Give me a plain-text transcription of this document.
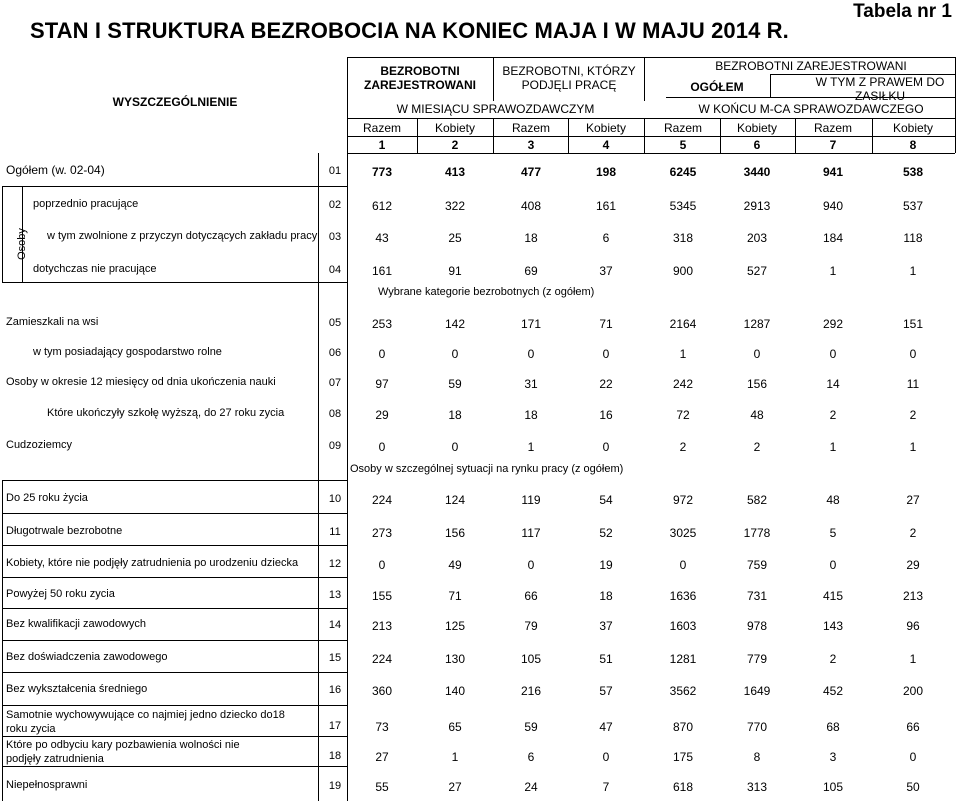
STAN I STRUKTURA BEZROBOCIA NA KONIEC MAJA I W MAJU 2014 R.
Tabela nr 1
WYSZCZEGÓLNIENIE
BEZROBOTNI ZAREJESTROWANI
BEZROBOTNI, KTÓRZY PODJĘLI PRACĘ
W MIESIĄCU SPRAWOZDAWCZYM
BEZROBOTNI ZAREJESTROWANI
OGÓŁEM	W TYM Z PRAWEM DO ZASIŁKU
W KOŃCU M-CA SPRAWOZDAWCZEGO
Razem	Kobiety	Razem	Kobiety	Razem	Kobiety	Razem	Kobiety
1	2	3	4	5	6	7	8
Osoby
Wybrane kategorie bezrobotnych (z ogółem)
Osoby w szczególnej sytuacji na rynku pracy (z ogółem)
Ogółem (w. 02-04)	01	773	413	477	198	6245	3440	941	538
poprzednio pracujące	02	612	322	408	161	5345	2913	940	537
w tym zwolnione z przyczyn dotyczących zakładu pracy	03	43	25	18	6	318	203	184	118
dotychczas nie pracujące	04	161	91	69	37	900	527	1	1
Zamieszkali na wsi	05	253	142	171	71	2164	1287	292	151
w tym posiadający gospodarstwo rolne	06	0	0	0	0	1	0	0	0
Osoby w okresie 12 miesięcy od dnia ukończenia nauki	07	97	59	31	22	242	156	14	11
Które ukończyły szkołę wyższą, do 27 roku zycia	08	29	18	18	16	72	48	2	2
Cudzoziemcy	09	0	0	1	0	2	2	1	1
Do 25 roku życia	10	224	124	119	54	972	582	48	27
Długotrwale bezrobotne	11	273	156	117	52	3025	1778	5	2
Kobiety, które nie podjęły zatrudnienia po urodzeniu dziecka	12	0	49	0	19	0	759	0	29
Powyżej 50 roku zycia	13	155	71	66	18	1636	731	415	213
Bez kwalifikacji zawodowych	14	213	125	79	37	1603	978	143	96
Bez doświadczenia zawodowego	15	224	130	105	51	1281	779	2	1
Bez wykształcenia średniego	16	360	140	216	57	3562	1649	452	200
Samotnie wychowywujące co najmiej jedno dziecko do18 roku zycia	17	73	65	59	47	870	770	68	66
Które po odbyciu kary pozbawienia wolności nie podjęły zatrudnienia	18	27	1	6	0	175	8	3	0
Niepełnosprawni	19	55	27	24	7	618	313	105	50
